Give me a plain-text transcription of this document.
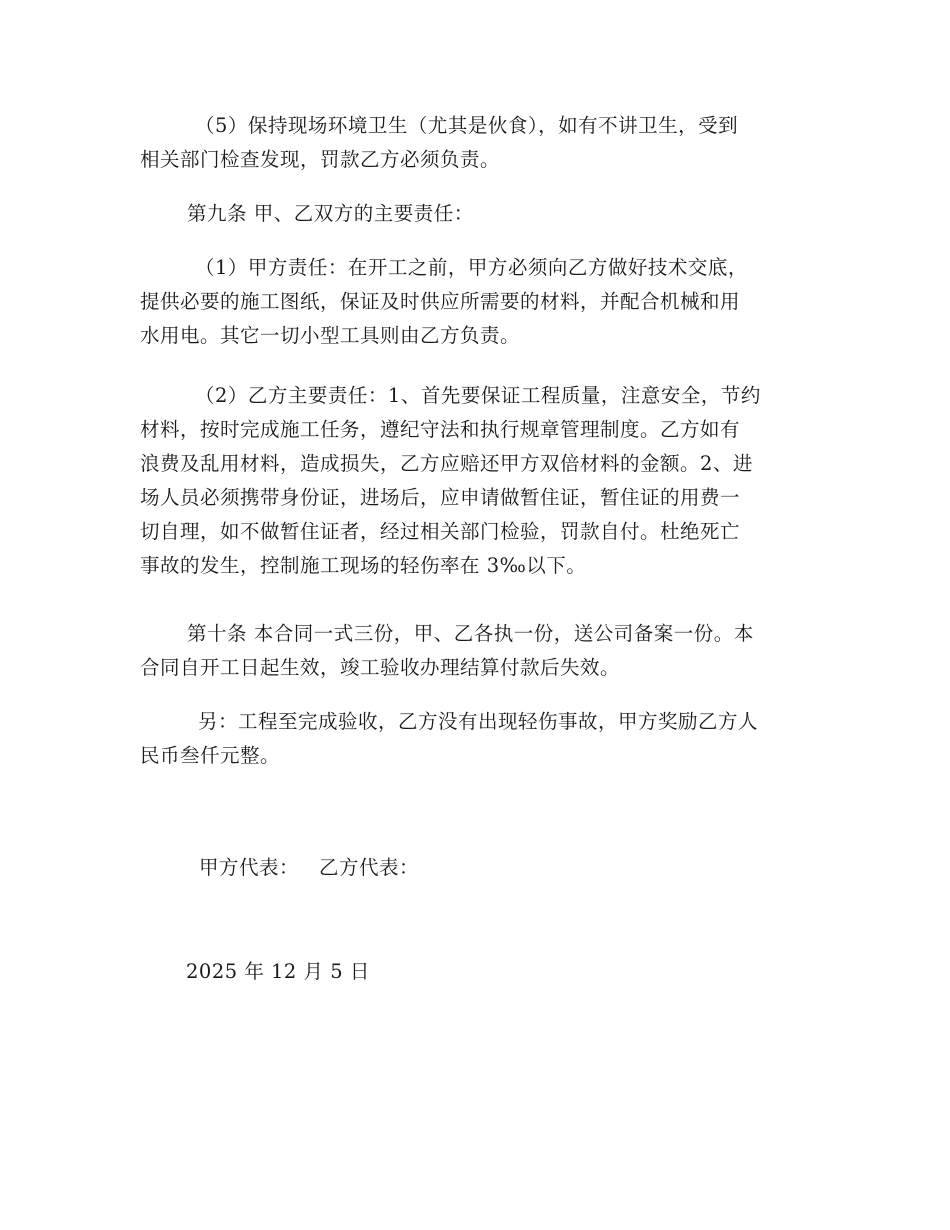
（5）保持现场环境卫生（尤其是伙食），如有不讲卫生，受到
相关部门检查发现，罚款乙方必须负责。

第九条 甲、乙双方的主要责任：

（1）甲方责任：在开工之前，甲方必须向乙方做好技术交底，
提供必要的施工图纸，保证及时供应所需要的材料，并配合机械和用
水用电。其它一切小型工具则由乙方负责。

（2）乙方主要责任：1、首先要保证工程质量，注意安全，节约
材料，按时完成施工任务，遵纪守法和执行规章管理制度。乙方如有
浪费及乱用材料，造成损失，乙方应赔还甲方双倍材料的金额。2、进
场人员必须携带身份证，进场后，应申请做暂住证，暂住证的用费一
切自理，如不做暂住证者，经过相关部门检验，罚款自付。杜绝死亡
事故的发生，控制施工现场的轻伤率在 3‰以下。

第十条 本合同一式三份，甲、乙各执一份，送公司备案一份。本
合同自开工日起生效，竣工验收办理结算付款后失效。

另：工程至完成验收，乙方没有出现轻伤事故，甲方奖励乙方人
民币叁仟元整。

甲方代表： 乙方代表：
2025 年 12 月 5 日
